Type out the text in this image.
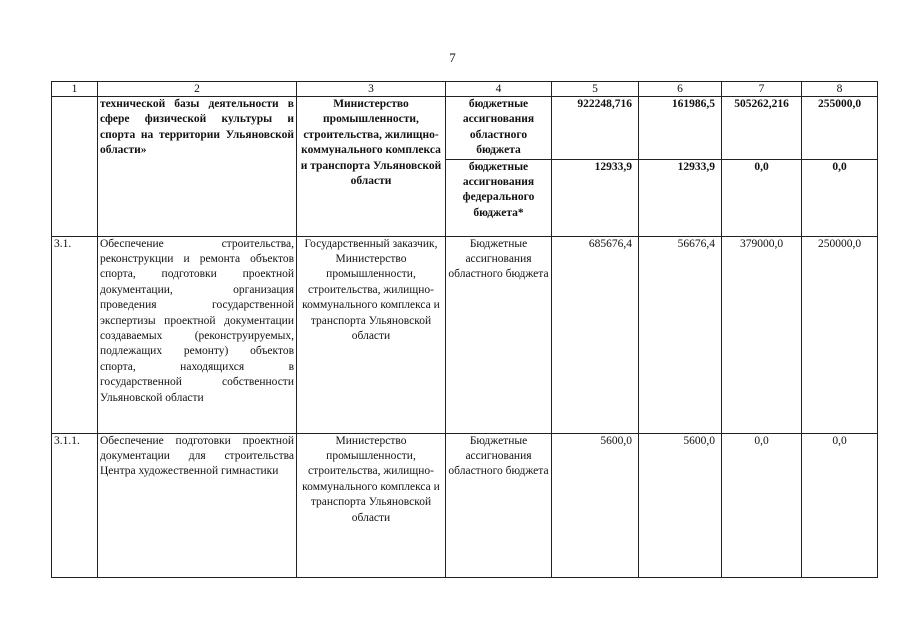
7
1	2	3	4	5	6	7	8
	технической базы деятельности в сфере физической культуры и спорта на территории Ульяновской области»	Министерство промышленности, строительства, жилищно-коммунального комплекса и транспорта Ульяновской области	бюджетные ассигнования областного бюджета	922248,716	161986,5	505262,216	255000,0
			бюджетные ассигнования федерального бюджета*	12933,9	12933,9	0,0	0,0
3.1.	Обеспечение строительства, реконструкции и ремонта объектов спорта, подготовки проектной документации, организация проведения государственной экспертизы проектной документации создаваемых (реконструируемых, подлежащих ремонту) объектов спорта, находящихся в государственной собственности Ульяновской области	Государственный заказчик, Министерство промышленности, строительства, жилищно-коммунального комплекса и транспорта Ульяновской области	Бюджетные ассигнования областного бюджета	685676,4	56676,4	379000,0	250000,0
3.1.1.	Обеспечение подготовки проектной документации для строительства Центра художественной гимнастики	Министерство промышленности, строительства, жилищно-коммунального комплекса и транспорта Ульяновской области	Бюджетные ассигнования областного бюджета	5600,0	5600,0	0,0	0,0
